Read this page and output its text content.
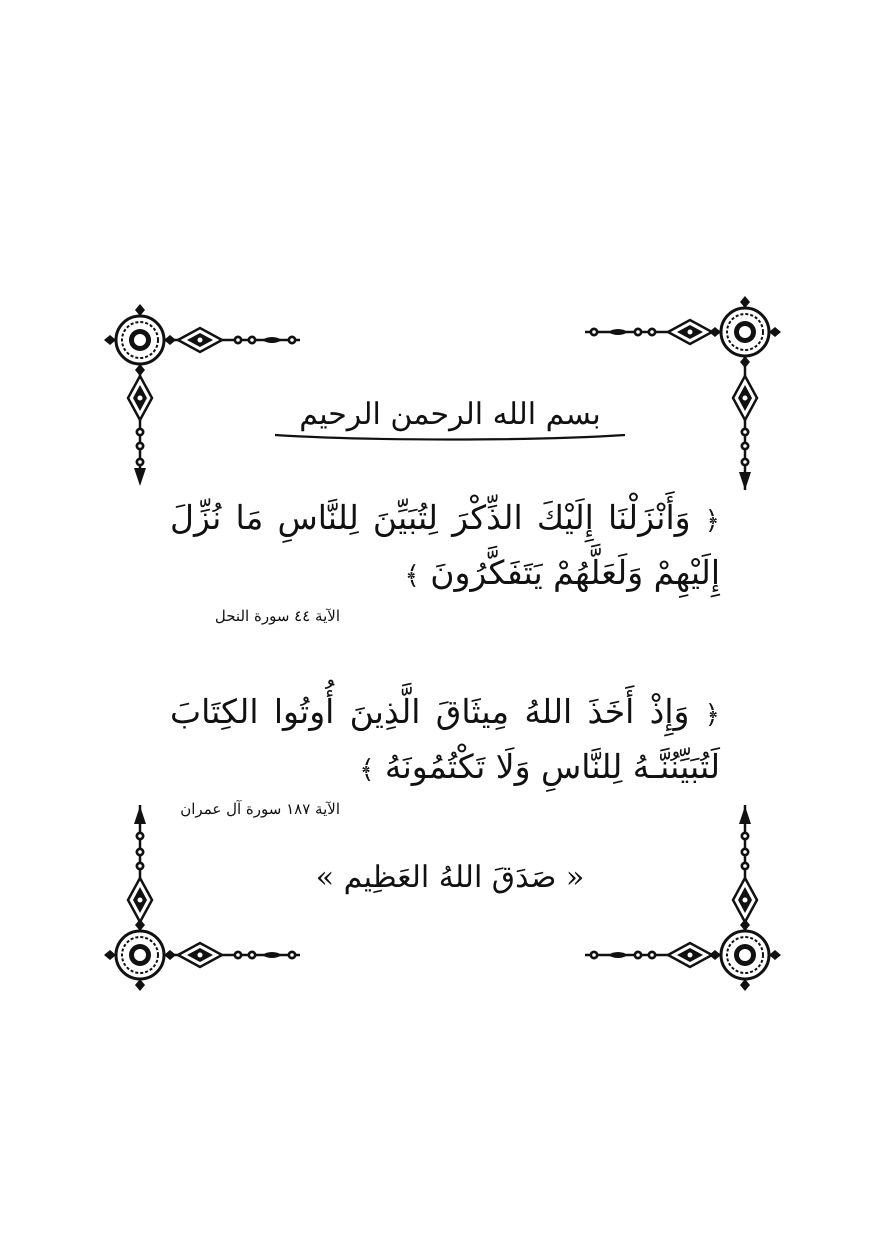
بسم الله الرحمن الرحيم
﴿ وَأَنْزَلْنَا إِلَيْكَ الذِّكْرَ لِتُبَيِّنَ لِلنَّاسِ مَا نُزِّلَ إِلَيْهِمْ وَلَعَلَّهُمْ يَتَفَكَّرُونَ ﴾
الآية ٤٤ سورة النحل
﴿ وَإِذْ أَخَذَ اللهُ مِيثَاقَ الَّذِينَ أُوتُوا الكِتَابَ لَتُبَيِّنُنَّـهُ لِلنَّاسِ وَلَا تَكْتُمُونَهُ ﴾
الآية ١٨٧ سورة آل عمران
« صَدَقَ اللهُ العَظِيم »
